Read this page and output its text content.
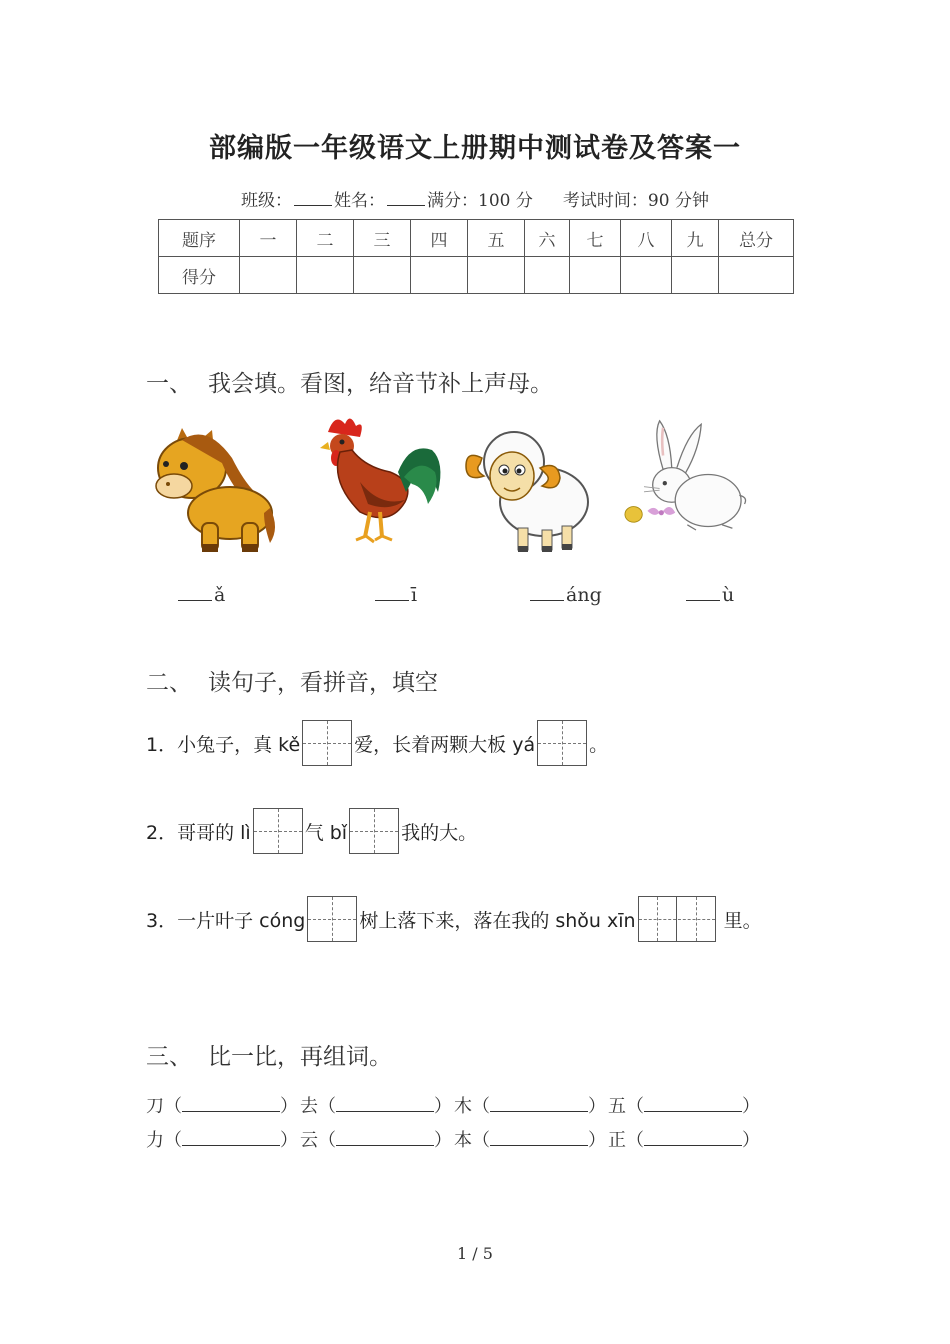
部编版一年级语文上册期中测试卷及答案一
班级： 姓名： 满分：100 分 考试时间：90 分钟
题序	一	二	三	四	五	六	七	八	九	总分
得分										
一、 我会填。看图，给音节补上声母。
ǎ	ī	áng	ù
二、 读句子，看拼音，填空
1．小兔子，真 kě	爱，长着两颗大板 yá	。
2．哥哥的 lì	气 bǐ	我的大。
3．一片叶子 cóng	树上落下来，落在我的 shǒu xīn	里。
三、 比一比，再组词。
刀（	） 去（	） 木（	） 五（	）
力（	） 云（	） 本（	） 正（	）
1 / 5
